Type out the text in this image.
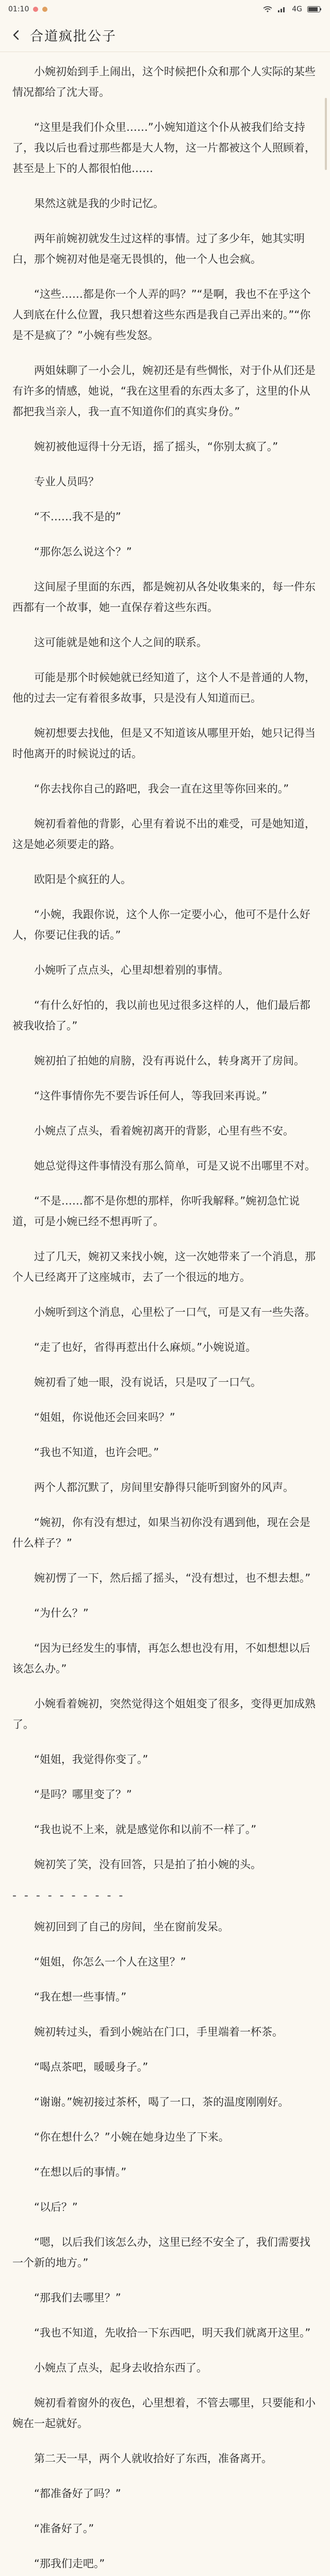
01:10	4G
合道疯批公子

小婉初始到手上闹出，这个时候把仆众和那个人实际的某些情况都给了沈大哥。

“这里是我们仆众里……”小婉知道这个仆从被我们给支持了，我以后也看过那些都是大人物，这一片都被这个人照顾着，甚至是上下的人都很怕他……

果然这就是我的少时记忆。

两年前婉初就发生过这样的事情。过了多少年，她其实明白，那个婉初对他是毫无畏惧的，他一个人也会疯。

“这些……都是你一个人弄的吗？”“是啊，我也不在乎这个人到底在什么位置，我只想着这些东西是我自己弄出来的。”“你是不是疯了？”小婉有些发怒。

两姐妹聊了一小会儿，婉初还是有些惆怅，对于仆从们还是有许多的情感，她说，“我在这里看的东西太多了，这里的仆从都把我当亲人，我一直不知道你们的真实身份。”

婉初被他逗得十分无语，摇了摇头，“你别太疯了。”

专业人员吗？

“不……我不是的”

“那你怎么说这个？”

这间屋子里面的东西，都是婉初从各处收集来的，每一件东西都有一个故事，她一直保存着这些东西。

这可能就是她和这个人之间的联系。

可能是那个时候她就已经知道了，这个人不是普通的人物，他的过去一定有着很多故事，只是没有人知道而已。

婉初想要去找他，但是又不知道该从哪里开始，她只记得当时他离开的时候说过的话。

“你去找你自己的路吧，我会一直在这里等你回来的。”

婉初看着他的背影，心里有着说不出的难受，可是她知道，这是她必须要走的路。

欧阳是个疯狂的人。

“小婉，我跟你说，这个人你一定要小心，他可不是什么好人，你要记住我的话。”

小婉听了点点头，心里却想着别的事情。

“有什么好怕的，我以前也见过很多这样的人，他们最后都被我收拾了。”

婉初拍了拍她的肩膀，没有再说什么，转身离开了房间。

“这件事情你先不要告诉任何人，等我回来再说。”

小婉点了点头，看着婉初离开的背影，心里有些不安。

她总觉得这件事情没有那么简单，可是又说不出哪里不对。

“不是……都不是你想的那样，你听我解释。”婉初急忙说道，可是小婉已经不想再听了。

过了几天，婉初又来找小婉，这一次她带来了一个消息，那个人已经离开了这座城市，去了一个很远的地方。

小婉听到这个消息，心里松了一口气，可是又有一些失落。

“走了也好，省得再惹出什么麻烦。”小婉说道。

婉初看了她一眼，没有说话，只是叹了一口气。

“姐姐，你说他还会回来吗？”

“我也不知道，也许会吧。”

两个人都沉默了，房间里安静得只能听到窗外的风声。

“婉初，你有没有想过，如果当初你没有遇到他，现在会是什么样子？”

婉初愣了一下，然后摇了摇头，“没有想过，也不想去想。”

“为什么？”

“因为已经发生的事情，再怎么想也没有用，不如想想以后该怎么办。”

小婉看着婉初，突然觉得这个姐姐变了很多，变得更加成熟了。

“姐姐，我觉得你变了。”

“是吗？哪里变了？”

“我也说不上来，就是感觉你和以前不一样了。”

婉初笑了笑，没有回答，只是拍了拍小婉的头。

- - - - - - - - - -

婉初回到了自己的房间，坐在窗前发呆。

“姐姐，你怎么一个人在这里？”

“我在想一些事情。”

婉初转过头，看到小婉站在门口，手里端着一杯茶。

“喝点茶吧，暖暖身子。”

“谢谢。”婉初接过茶杯，喝了一口，茶的温度刚刚好。

“你在想什么？”小婉在她身边坐了下来。

“在想以后的事情。”

“以后？”

“嗯，以后我们该怎么办，这里已经不安全了，我们需要找一个新的地方。”

“那我们去哪里？”

“我也不知道，先收拾一下东西吧，明天我们就离开这里。”

小婉点了点头，起身去收拾东西了。

婉初看着窗外的夜色，心里想着，不管去哪里，只要能和小婉在一起就好。

第二天一早，两个人就收拾好了东西，准备离开。

“都准备好了吗？”

“准备好了。”

“那我们走吧。”
